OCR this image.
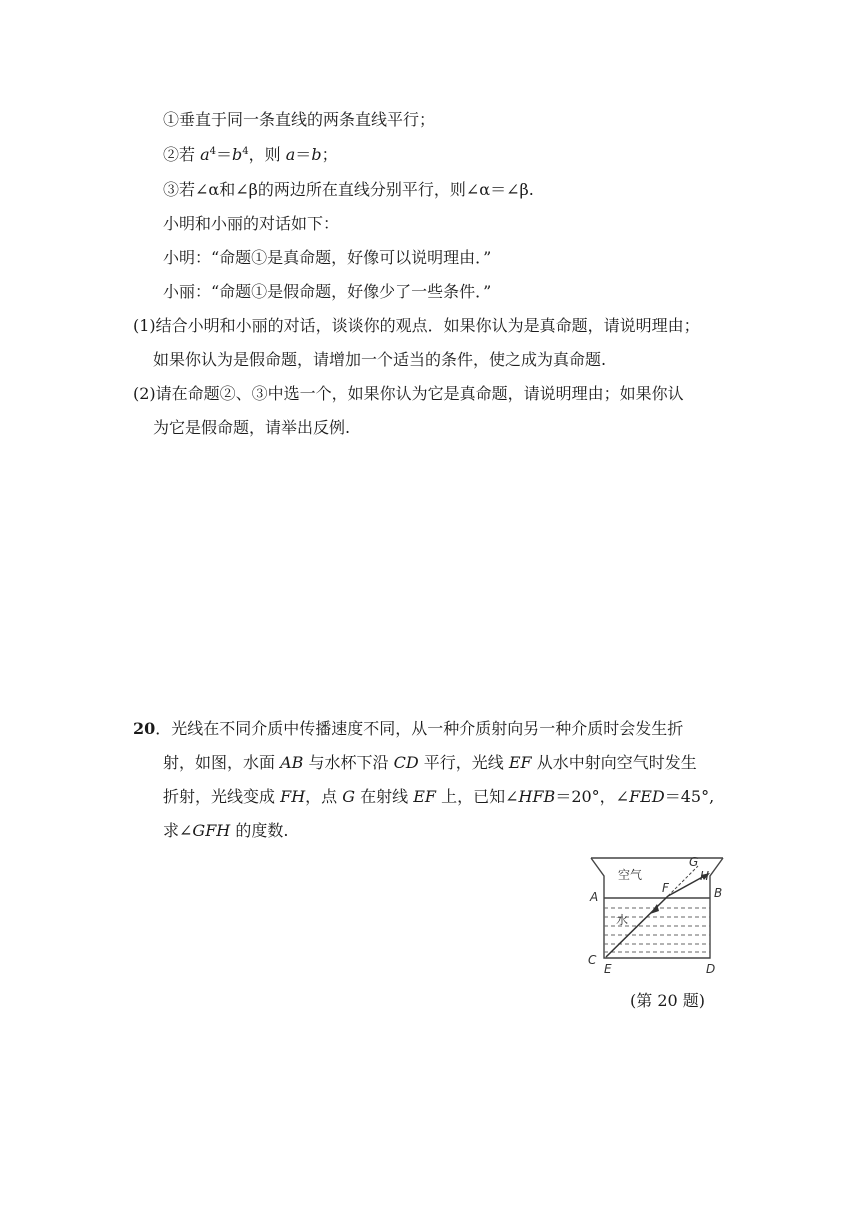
①垂直于同一条直线的两条直线平行；
②若 $a^4=b^4$，则 a＝b；
③若∠α和∠β的两边所在直线分别平行，则∠α＝∠β.
小明和小丽的对话如下：
小明：“命题①是真命题，好像可以说明理由．”
小丽：“命题①是假命题，好像少了一些条件．”
(1)结合小明和小丽的对话，谈谈你的观点．如果你认为是真命题，请说明理由；
如果你认为是假命题，请增加一个适当的条件，使之成为真命题.
(2)请在命题②、③中选一个，如果你认为它是真命题，请说明理由；如果你认
为它是假命题，请举出反例.
20．光线在不同介质中传播速度不同，从一种介质射向另一种介质时会发生折
射，如图，水面 AB 与水杯下沿 CD 平行，光线 EF 从水中射向空气时发生
折射，光线变成 FH，点 G 在射线 EF 上，已知∠HFB＝20°，∠FED＝45°,
求∠GFH 的度数.
空气
水
A	B
C
E	D
F
G
H
(第 20 题)
